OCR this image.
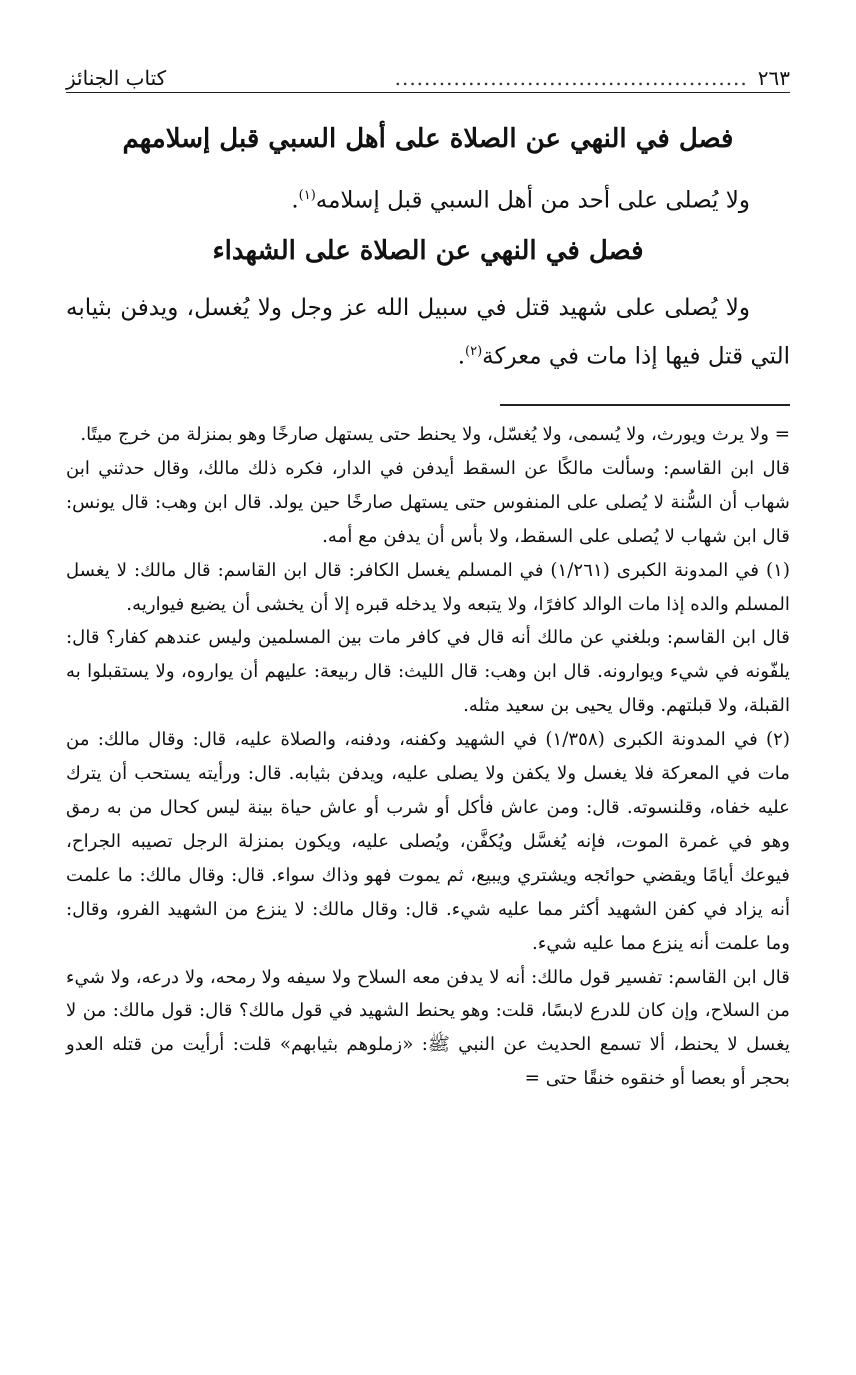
٢٦٣
................................................
كتاب الجنائز
فصل في النهي عن الصلاة على أهل السبي قبل إسلامهم
ولا يُصلى على أحد من أهل السبي قبل إسلامه$^{(١)}$.
فصل في النهي عن الصلاة على الشهداء
ولا يُصلى على شهيد قتل في سبيل الله عز وجل ولا يُغسل، ويدفن بثيابه التي قتل فيها إذا مات في معركة$^{(٢)}$.

= ولا يرث ويورث، ولا يُسمى، ولا يُغسّل، ولا يحنط حتى يستهل صارخًا وهو بمنزلة من خرج ميتًا.

قال ابن القاسم: وسألت مالكًا عن السقط أيدفن في الدار، فكره ذلك مالك، وقال حدثني ابن شهاب أن السُّنة لا يُصلى على المنفوس حتى يستهل صارخًا حين يولد. قال ابن وهب: قال يونس: قال ابن شهاب لا يُصلى على السقط، ولا بأس أن يدفن مع أمه.

(١) في المدونة الكبرى (١/٢٦١) في المسلم يغسل الكافر: قال ابن القاسم: قال مالك: لا يغسل المسلم والده إذا مات الوالد كافرًا، ولا يتبعه ولا يدخله قبره إلا أن يخشى أن يضيع فيواريه.

قال ابن القاسم: وبلغني عن مالك أنه قال في كافر مات بين المسلمين وليس عندهم كفار؟ قال: يلفّونه في شيء ويوارونه. قال ابن وهب: قال الليث: قال ربيعة: عليهم أن يواروه، ولا يستقبلوا به القبلة، ولا قبلتهم. وقال يحيى بن سعيد مثله.

(٢) في المدونة الكبرى (١/٣٥٨) في الشهيد وكفنه، ودفنه، والصلاة عليه، قال: وقال مالك: من مات في المعركة فلا يغسل ولا يكفن ولا يصلى عليه، ويدفن بثيابه. قال: ورأيته يستحب أن يترك عليه خفاه، وقلنسوته. قال: ومن عاش فأكل أو شرب أو عاش حياة بينة ليس كحال من به رمق وهو في غمرة الموت، فإنه يُغسَّل ويُكفَّن، ويُصلى عليه، ويكون بمنزلة الرجل تصيبه الجراح، فيوعك أيامًا ويقضي حوائجه ويشتري ويبيع، ثم يموت فهو وذاك سواء. قال: وقال مالك: ما علمت أنه يزاد في كفن الشهيد أكثر مما عليه شيء. قال: وقال مالك: لا ينزع من الشهيد الفرو، وقال: وما علمت أنه ينزع مما عليه شيء.

قال ابن القاسم: تفسير قول مالك: أنه لا يدفن معه السلاح ولا سيفه ولا رمحه، ولا درعه، ولا شيء من السلاح، وإن كان للدرع لابسًا، قلت: وهو يحنط الشهيد في قول مالك؟ قال: قول مالك: من لا يغسل لا يحنط، ألا تسمع الحديث عن النبي ﷺ: «زملوهم بثيابهم» قلت: أرأيت من قتله العدو بحجر أو بعصا أو خنقوه خنقًا حتى =
